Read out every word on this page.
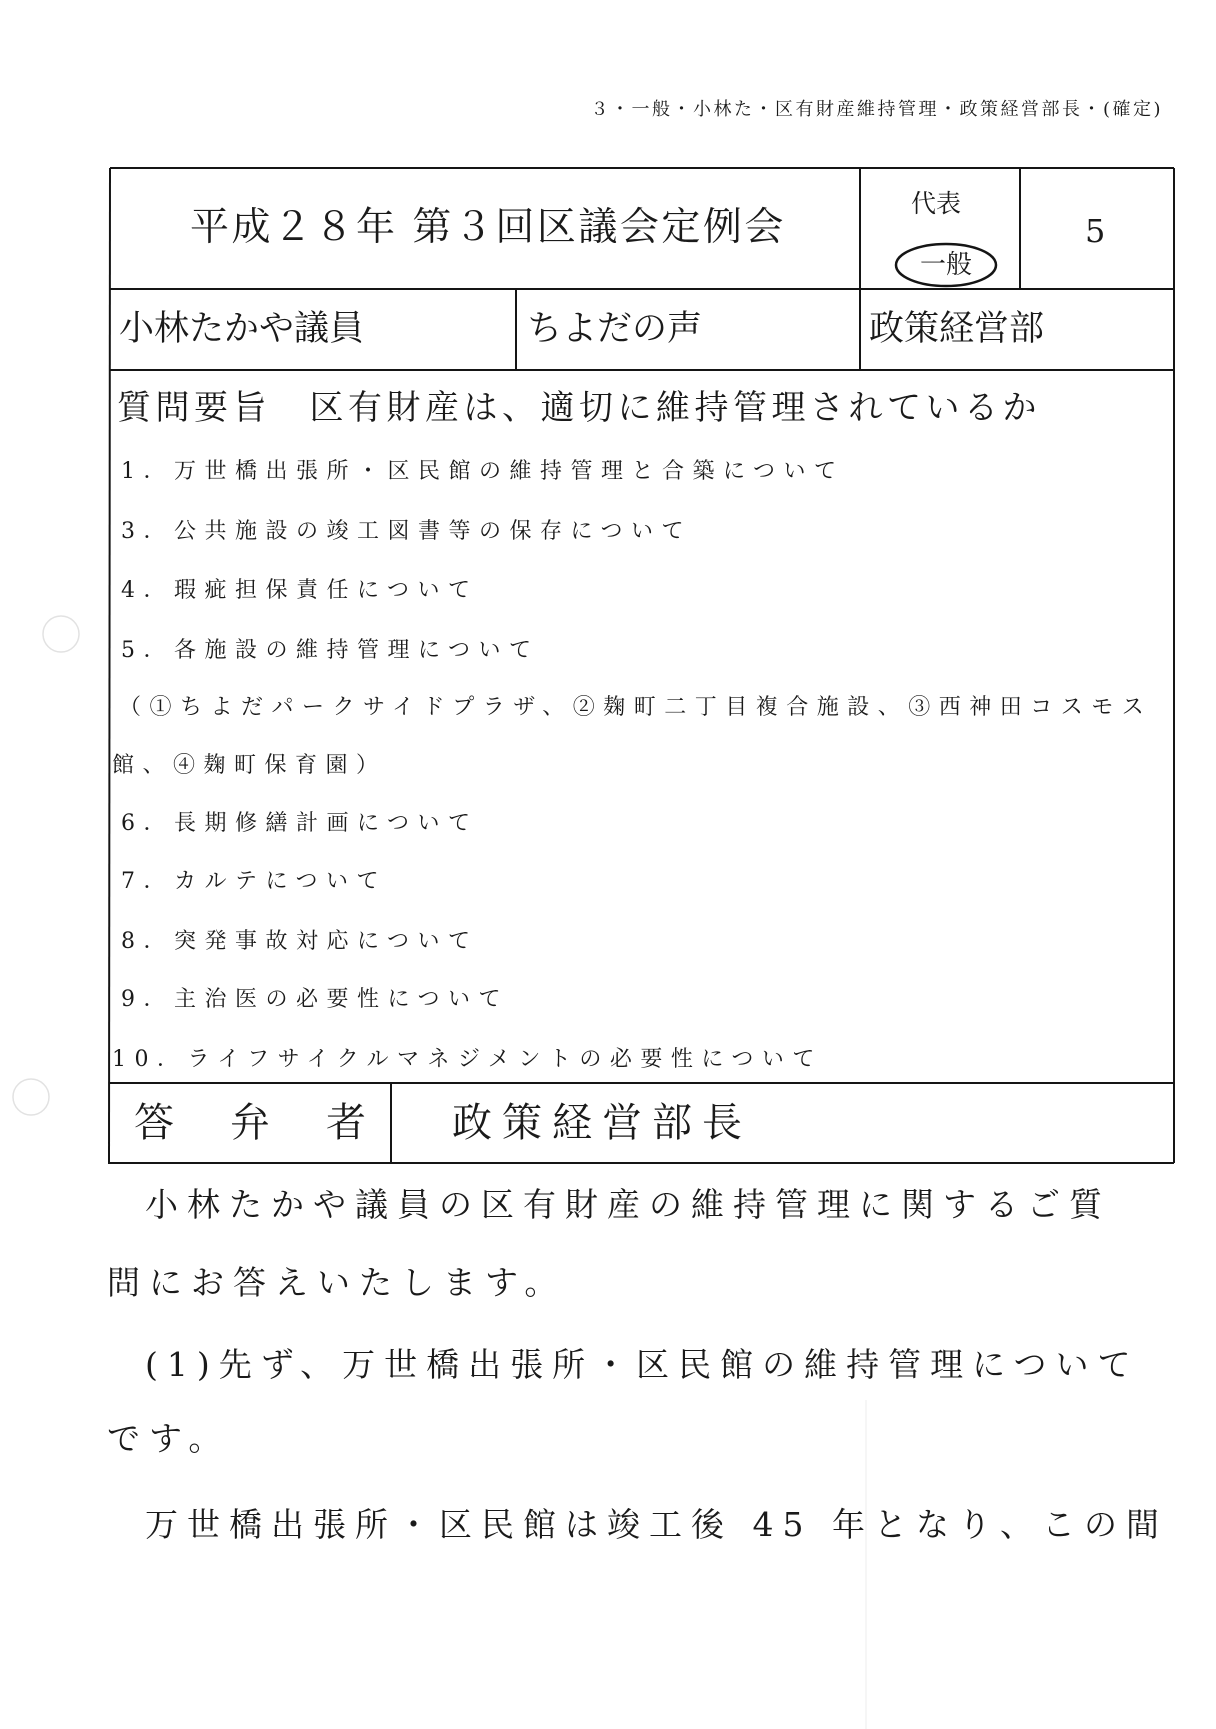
３・一般・小林た・区有財産維持管理・政策経営部長・(確定)
平成２８年 第３回区議会定例会
代表
一般
5
小林たかや議員	ちよだの声	政策経営部
質問要旨　区有財産は、適切に維持管理されているか
1．万世橋出張所・区民館の維持管理と合築について
3．公共施設の竣工図書等の保存について
4．瑕疵担保責任について
5．各施設の維持管理について
（①ちよだパークサイドプラザ、②麹町二丁目複合施設、③西神田コスモス
館、④麹町保育園）
6．長期修繕計画について
7．カルテについて
8．突発事故対応について
9．主治医の必要性について
10．ライフサイクルマネジメントの必要性について
答　弁　者 政策経営部長
小林たかや議員の区有財産の維持管理に関するご質
問にお答えいたします。
(1)先ず、万世橋出張所・区民館の維持管理について
です。
万世橋出張所・区民館は竣工後 45 年となり、この間
